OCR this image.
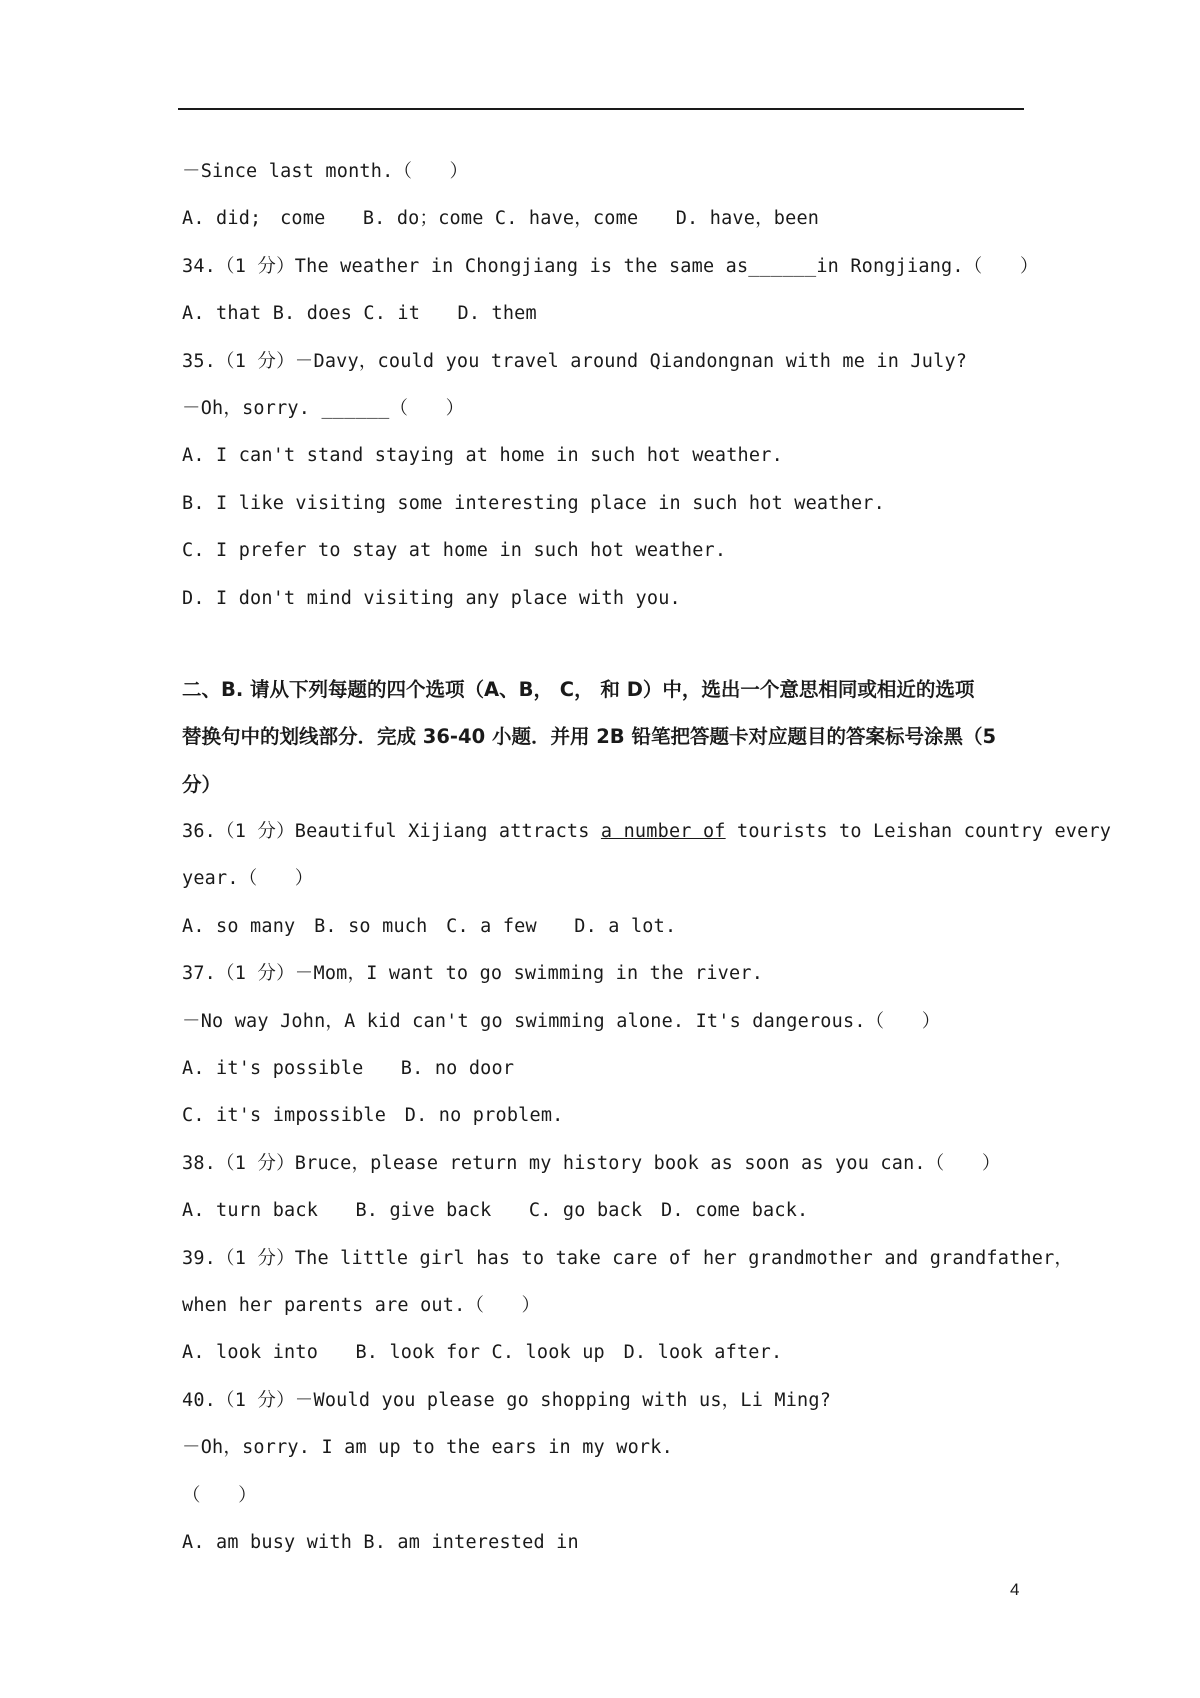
－Since last month.（　　）
A. did;　come　　B. do；come C. have，come　　D. have，been
34.（1 分）The weather in Chongjiang is the same as______in Rongjiang.（　　）
A. that B. does C. it　　D. them
35.（1 分）－Davy，could you travel around Qiandongnan with me in July?
－Oh，sorry. ______（　　）
A. I can't stand staying at home in such hot weather.
B. I like visiting some interesting place in such hot weather.
C. I prefer to stay at home in such hot weather.
D. I don't mind visiting any place with you.
二、B. 请从下列每题的四个选项（A、B， C， 和 D）中，选出一个意思相同或相近的选项
替换句中的划线部分．完成 36-40 小题．并用 2B 铅笔把答题卡对应题目的答案标号涂黑（5
分）
36.（1 分）Beautiful Xijiang attracts a number of tourists to Leishan country every
year.（　　）
A. so many　B. so much　C. a few　　D. a lot.
37.（1 分）－Mom，I want to go swimming in the river.
－No way John，A kid can't go swimming alone. It's dangerous.（　　）
A. it's possible　　B. no door
C. it's impossible　D. no problem.
38.（1 分）Bruce，please return my history book as soon as you can.（　　）
A. turn back　　B. give back　　C. go back　D. come back.
39.（1 分）The little girl has to take care of her grandmother and grandfather，
when her parents are out.（　　）
A. look into　　B. look for C. look up　D. look after.
40.（1 分）－Would you please go shopping with us，Li Ming?
－Oh，sorry. I am up to the ears in my work.
（　　）
A. am busy with B. am interested in
4
